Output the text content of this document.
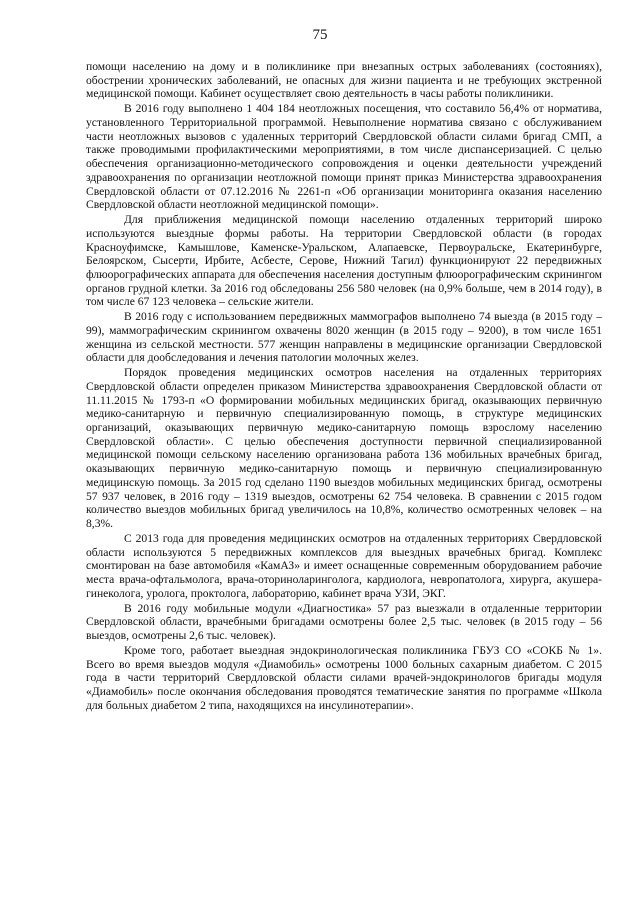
75

помощи населению на дому и в поликлинике при внезапных острых заболеваниях (состояниях), обострении хронических заболеваний, не опасных для жизни пациента и не требующих экстренной медицинской помощи. Кабинет осуществляет свою деятельность в часы работы поликлиники.

В 2016 году выполнено 1 404 184 неотложных посещения, что составило 56,4% от норматива, установленного Территориальной программой. Невыполнение норматива связано с обслуживанием части неотложных вызовов с удаленных территорий Свердловской области силами бригад СМП, а также проводимыми профилактическими мероприятиями, в том числе диспансеризацией. С целью обеспечения организационно-методического сопровождения и оценки деятельности учреждений здравоохранения по организации неотложной помощи принят приказ Министерства здравоохранения Свердловской области от 07.12.2016 № 2261-п «Об организации мониторинга оказания населению Свердловской области неотложной медицинской помощи».

Для приближения медицинской помощи населению отдаленных территорий широко используются выездные формы работы. На территории Свердловской области (в городах Красноуфимске, Камышлове, Каменске-Уральском, Алапаевске, Первоуральске, Екатеринбурге, Белоярском, Сысерти, Ирбите, Асбесте, Серове, Нижний Тагил) функционируют 22 передвижных флюорографических аппарата для обеспечения населения доступным флюорографическим скринингом органов грудной клетки. За 2016 год обследованы 256 580 человек (на 0,9% больше, чем в 2014 году), в том числе 67 123 человека – сельские жители.

В 2016 году с использованием передвижных маммографов выполнено 74 выезда (в 2015 году – 99), маммографическим скринингом охвачены 8020 женщин (в 2015 году – 9200), в том числе 1651 женщина из сельской местности. 577 женщин направлены в медицинские организации Свердловской области для дообследования и лечения патологии молочных желез.

Порядок проведения медицинских осмотров населения на отдаленных территориях Свердловской области определен приказом Министерства здравоохранения Свердловской области от 11.11.2015 № 1793-п «О формировании мобильных медицинских бригад, оказывающих первичную медико-санитарную и первичную специализированную помощь, в структуре медицинских организаций, оказывающих первичную медико-санитарную помощь взрослому населению Свердловской области». С целью обеспечения доступности первичной специализированной медицинской помощи сельскому населению организована работа 136 мобильных врачебных бригад, оказывающих первичную медико-санитарную помощь и первичную специализированную медицинскую помощь. За 2015 год сделано 1190 выездов мобильных медицинских бригад, осмотрены 57 937 человек, в 2016 году – 1319 выездов, осмотрены 62 754 человека. В сравнении с 2015 годом количество выездов мобильных бригад увеличилось на 10,8%, количество осмотренных человек – на 8,3%.

С 2013 года для проведения медицинских осмотров на отдаленных территориях Свердловской области используются 5 передвижных комплексов для выездных врачебных бригад. Комплекс смонтирован на базе автомобиля «КамАЗ» и имеет оснащенные современным оборудованием рабочие места врача-офтальмолога, врача-оториноларинголога, кардиолога, невропатолога, хирурга, акушера-гинеколога, уролога, проктолога, лабораторию, кабинет врача УЗИ, ЭКГ.

В 2016 году мобильные модули «Диагностика» 57 раз выезжали в отдаленные территории Свердловской области, врачебными бригадами осмотрены более 2,5 тыс. человек (в 2015 году – 56 выездов, осмотрены 2,6 тыс. человек).

Кроме того, работает выездная эндокринологическая поликлиника ГБУЗ СО «СОКБ № 1». Всего во время выездов модуля «Диамобиль» осмотрены 1000 больных сахарным диабетом. С 2015 года в части территорий Свердловской области силами врачей-эндокринологов бригады модуля «Диамобиль» после окончания обследования проводятся тематические занятия по программе «Школа для больных диабетом 2 типа, находящихся на инсулинотерапии».
